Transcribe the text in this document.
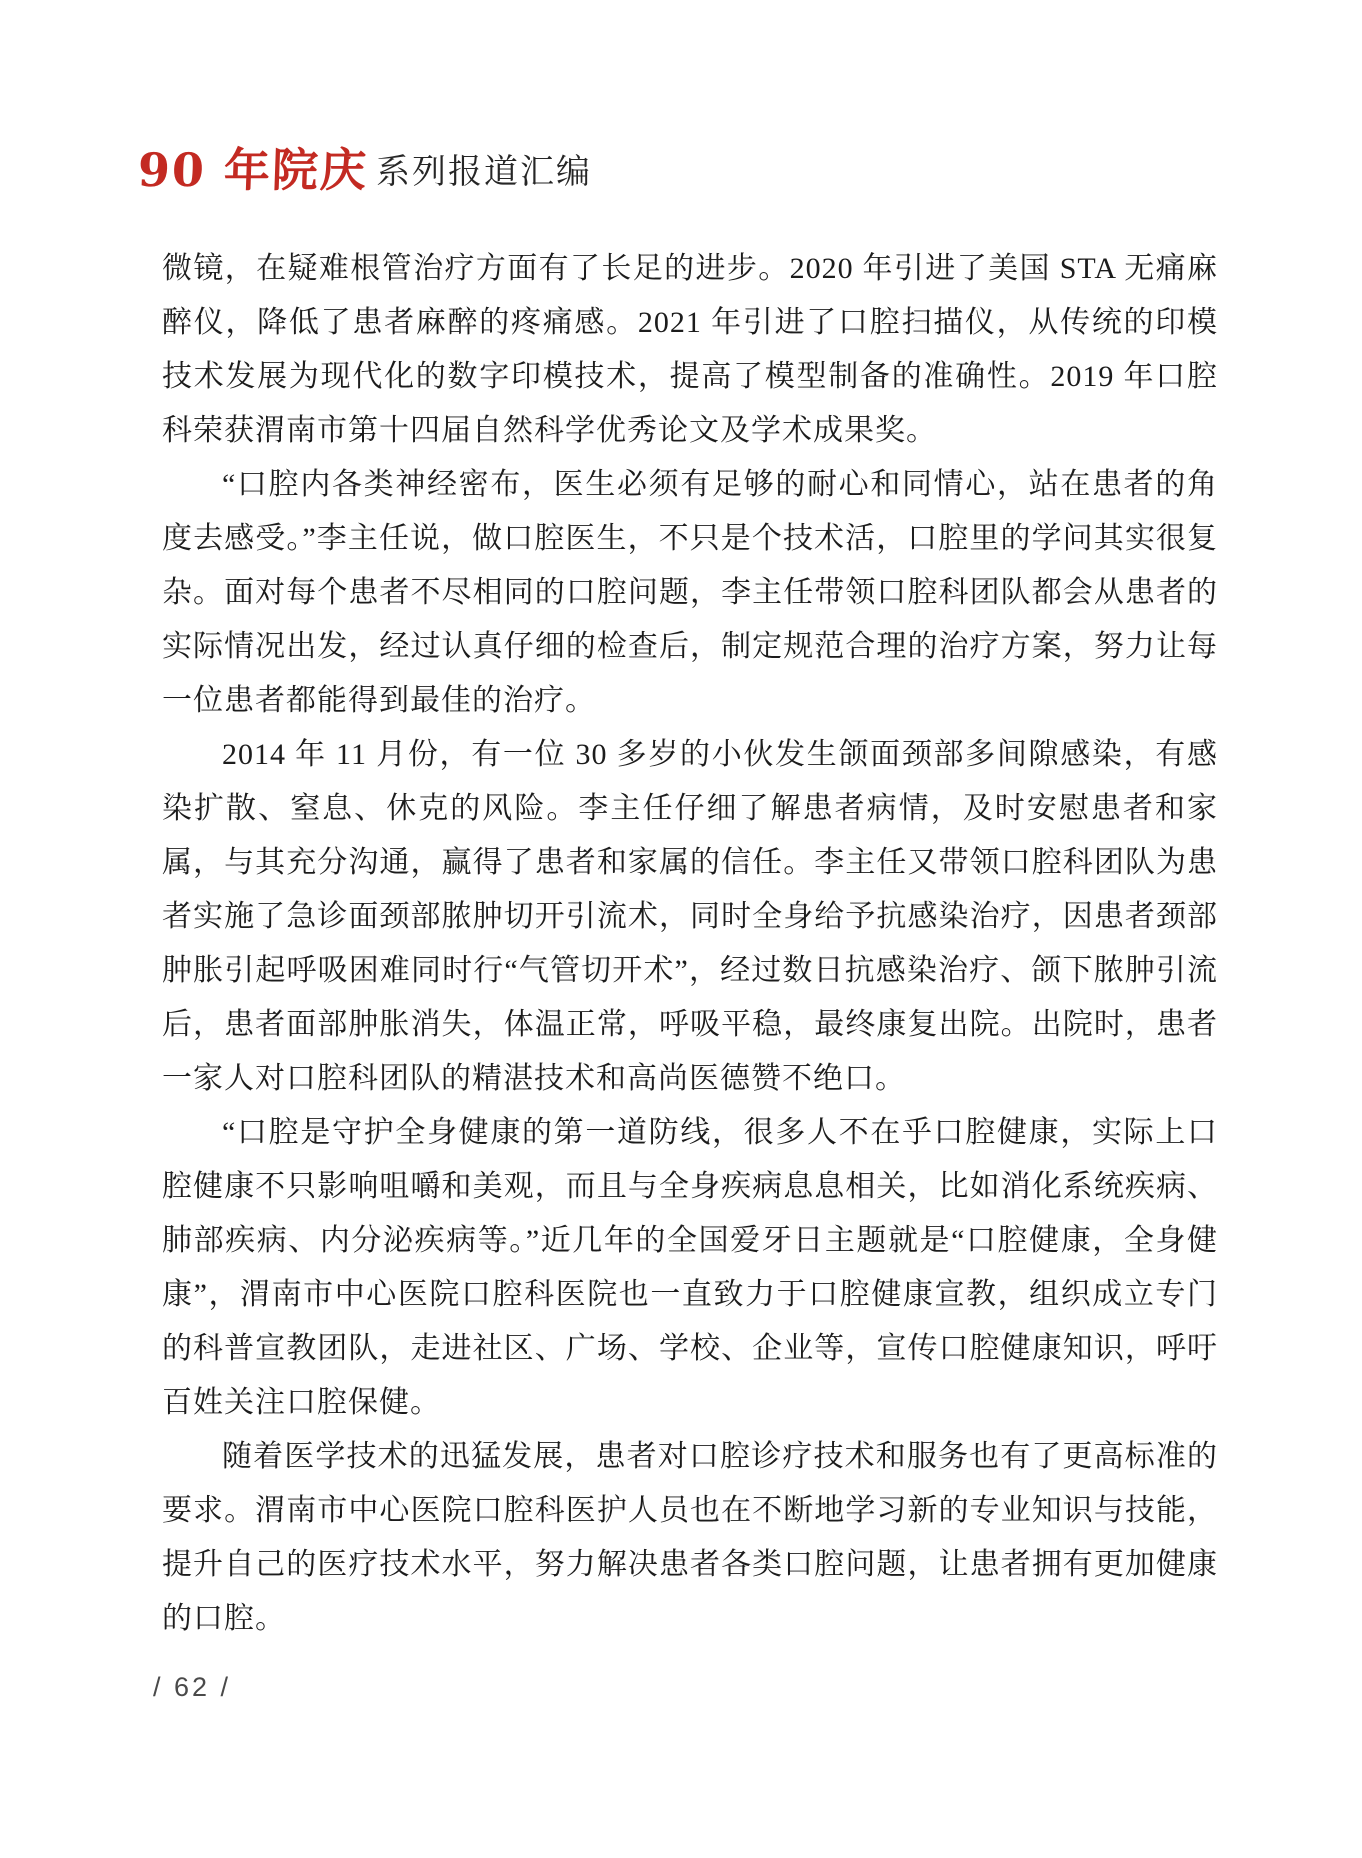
90 年院庆 系列报道汇编

微镜，在疑难根管治疗方面有了长足的进步。2020 年引进了美国 STA 无痛麻醉仪，降低了患者麻醉的疼痛感。2021 年引进了口腔扫描仪，从传统的印模技术发展为现代化的数字印模技术，提高了模型制备的准确性。2019 年口腔科荣获渭南市第十四届自然科学优秀论文及学术成果奖。

“口腔内各类神经密布，医生必须有足够的耐心和同情心，站在患者的角度去感受。”李主任说，做口腔医生，不只是个技术活，口腔里的学问其实很复杂。面对每个患者不尽相同的口腔问题，李主任带领口腔科团队都会从患者的实际情况出发，经过认真仔细的检查后，制定规范合理的治疗方案，努力让每一位患者都能得到最佳的治疗。

2014 年 11 月份，有一位 30 多岁的小伙发生颌面颈部多间隙感染，有感染扩散、窒息、休克的风险。李主任仔细了解患者病情，及时安慰患者和家属，与其充分沟通，赢得了患者和家属的信任。李主任又带领口腔科团队为患者实施了急诊面颈部脓肿切开引流术，同时全身给予抗感染治疗，因患者颈部肿胀引起呼吸困难同时行“气管切开术”，经过数日抗感染治疗、颌下脓肿引流后，患者面部肿胀消失，体温正常，呼吸平稳，最终康复出院。出院时，患者一家人对口腔科团队的精湛技术和高尚医德赞不绝口。

“口腔是守护全身健康的第一道防线，很多人不在乎口腔健康，实际上口腔健康不只影响咀嚼和美观，而且与全身疾病息息相关，比如消化系统疾病、肺部疾病、内分泌疾病等。”近几年的全国爱牙日主题就是“口腔健康，全身健康”，渭南市中心医院口腔科医院也一直致力于口腔健康宣教，组织成立专门的科普宣教团队，走进社区、广场、学校、企业等，宣传口腔健康知识，呼吁百姓关注口腔保健。

随着医学技术的迅猛发展，患者对口腔诊疗技术和服务也有了更高标准的要求。渭南市中心医院口腔科医护人员也在不断地学习新的专业知识与技能，提升自己的医疗技术水平，努力解决患者各类口腔问题，让患者拥有更加健康的口腔。

/ 62 /
